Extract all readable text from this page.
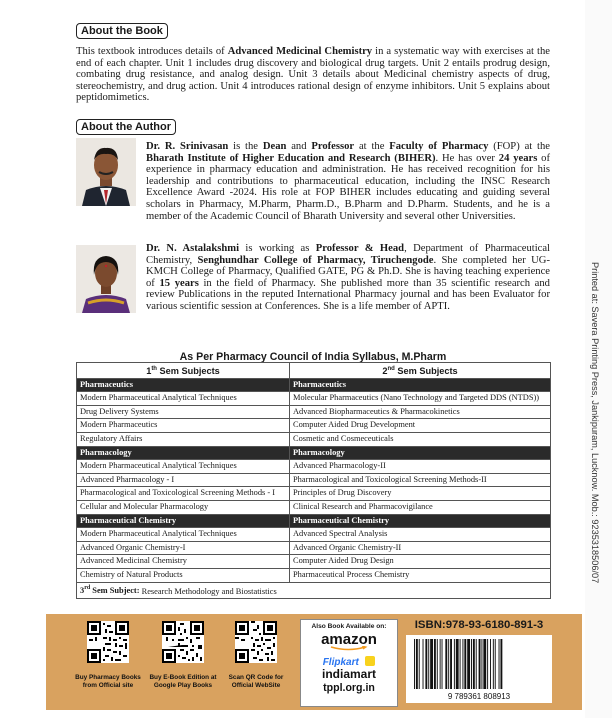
Printed at: Savera Printing Press, Jankipuram, Lucknow. Mob.: 9235318506/07
About the Book

This textbook introduces details of Advanced Medicinal Chemistry in a systematic way with exercises at the end of each chapter. Unit 1 includes drug discovery and biological drug targets. Unit 2 entails prodrug design, combating drug resistance, and analog design. Unit 3 details about Medicinal chemistry aspects of drug, stereochemistry, and drug action. Unit 4 introduces rational design of enzyme inhibitors. Unit 5 explains about peptidomimetics.

About the Author

Dr. R. Srinivasan is the Dean and Professor at the Faculty of Pharmacy (FOP) at the Bharath Institute of Higher Education and Research (BIHER). He has over 24 years of experience in pharmacy education and administration. He has received recognition for his leadership and contributions to pharmaceutical education, including the INSC Research Excellence Award -2024. His role at FOP BIHER includes educating and guiding several scholars in Pharmacy, M.Pharm, Pharm.D., B.Pharm and D.Pharm. Students, and he is a member of the Academic Council of Bharath University and several other Universities.

Dr. N. Astalakshmi is working as Professor & Head, Department of Pharmaceutical Chemistry, Senghundhar College of Pharmacy, Tiruchengode. She completed her UG-KMCH College of Pharmacy, Qualified GATE, PG & Ph.D. She is having teaching experience of 15 years in the field of Pharmacy. She published more than 35 scientific research and review Publications in the reputed International Pharmacy journal and has been Evaluator for various scientific session at Conferences. She is a life member of APTI.

As Per Pharmacy Council of India Syllabus, M.Pharm
1th Sem Subjects	2nd Sem Subjects
Pharmaceutics	Pharmaceutics
Modern Pharmaceutical Analytical Techniques	Molecular Pharmaceutics (Nano Technology and Targeted DDS (NTDS))
Drug Delivery Systems	Advanced Biopharmaceutics & Pharmacokinetics
Modern Pharmaceutics	Computer Aided Drug Development
Regulatory Affairs	Cosmetic and Cosmeceuticals
Pharmacology	Pharmacology
Modern Pharmaceutical Analytical Techniques	Advanced Pharmacology-II
Advanced Pharmacology - I	Pharmacological and Toxicological Screening Methods-II
Pharmacological and Toxicological Screening Methods - I	Principles of Drug Discovery
Cellular and Molecular Pharmacology	Clinical Research and Pharmacovigilance
Pharmaceutical Chemistry	Pharmaceutical Chemistry
Modern Pharmaceutical Analytical Techniques	Advanced Spectral Analysis
Advanced Organic Chemistry-I	Advanced Organic Chemistry-II
Advanced Medicinal Chemistry	Computer Aided Drug Design
Chemistry of Natural Products	Pharmaceutical Process Chemistry
3rd Sem Subject: Research Methodology and Biostatistics	
Buy Pharmacy Books from Official site
Buy E-Book Edition at Google Play Books
Scan QR Code for Official WebSite
Also Book Available on:
amazon
Flipkart
indiamart
tppl.org.in
ISBN:978-93-6180-891-3
9 789361 808913
